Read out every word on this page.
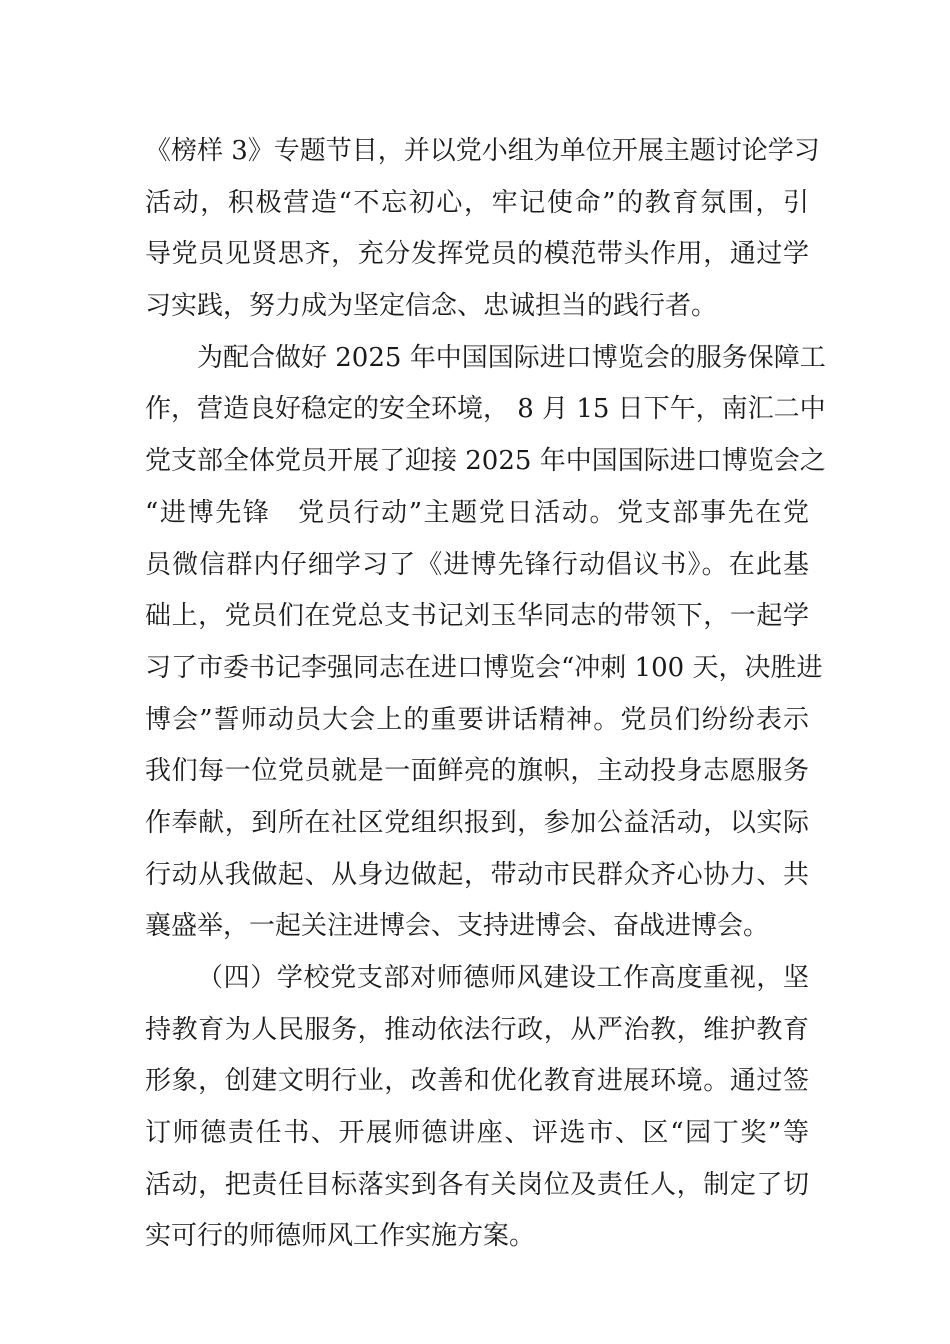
《榜样 3》专题节目，并以党小组为单位开展主题讨论学习
活动，积极营造“不忘初心，牢记使命”的教育氛围，引
导党员见贤思齐，充分发挥党员的模范带头作用，通过学
习实践，努力成为坚定信念、忠诚担当的践行者。
为配合做好 2025 年中国国际进口博览会的服务保障工
作，营造良好稳定的安全环境， 8 月 15 日下午，南汇二中
党支部全体党员开展了迎接 2025 年中国国际进口博览会之
“进博先锋　党员行动”主题党日活动。党支部事先在党
员微信群内仔细学习了《进博先锋行动倡议书》。在此基
础上，党员们在党总支书记刘玉华同志的带领下，一起学
习了市委书记李强同志在进口博览会“冲刺 100 天，决胜进
博会”誓师动员大会上的重要讲话精神。党员们纷纷表示
我们每一位党员就是一面鲜亮的旗帜，主动投身志愿服务
作奉献，到所在社区党组织报到，参加公益活动，以实际
行动从我做起、从身边做起，带动市民群众齐心协力、共
襄盛举，一起关注进博会、支持进博会、奋战进博会。
（四）学校党支部对师德师风建设工作高度重视，坚
持教育为人民服务，推动依法行政，从严治教，维护教育
形象，创建文明行业，改善和优化教育进展环境。通过签
订师德责任书、开展师德讲座、评选市、区“园丁奖”等
活动，把责任目标落实到各有关岗位及责任人，制定了切
实可行的师德师风工作实施方案。
